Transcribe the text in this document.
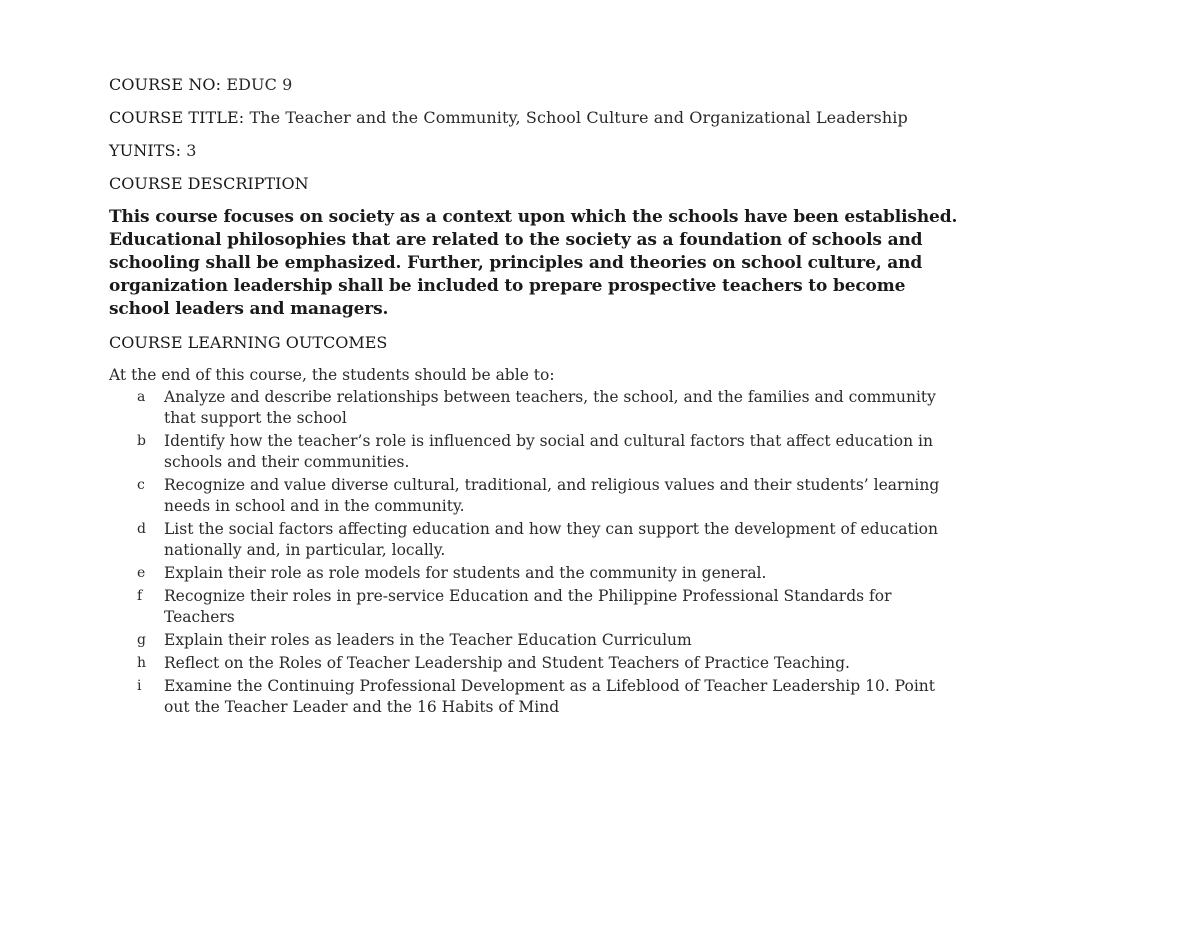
COURSE NO: EDUC 9

COURSE TITLE: The Teacher and the Community, School Culture and Organizational Leadership

YUNITS: 3

COURSE DESCRIPTION

This course focuses on society as a context upon which the schools have been established. Educational philosophies that are related to the society as a foundation of schools and schooling shall be emphasized. Further, principles and theories on school culture, and organization leadership shall be included to prepare prospective teachers to become school leaders and managers.

COURSE LEARNING OUTCOMES

At the end of this course, the students should be able to:

a Analyze and describe relationships between teachers, the school, and the families and community that support the school
b Identify how the teacher’s role is influenced by social and cultural factors that affect education in schools and their communities.
c Recognize and value diverse cultural, traditional, and religious values and their students’ learning needs in school and in the community.
d List the social factors affecting education and how they can support the development of education nationally and, in particular, locally.
e Explain their role as role models for students and the community in general.
f Recognize their roles in pre-service Education and the Philippine Professional Standards for Teachers
g Explain their roles as leaders in the Teacher Education Curriculum
h Reflect on the Roles of Teacher Leadership and Student Teachers of Practice Teaching.
i Examine the Continuing Professional Development as a Lifeblood of Teacher Leadership 10. Point out the Teacher Leader and the 16 Habits of Mind
